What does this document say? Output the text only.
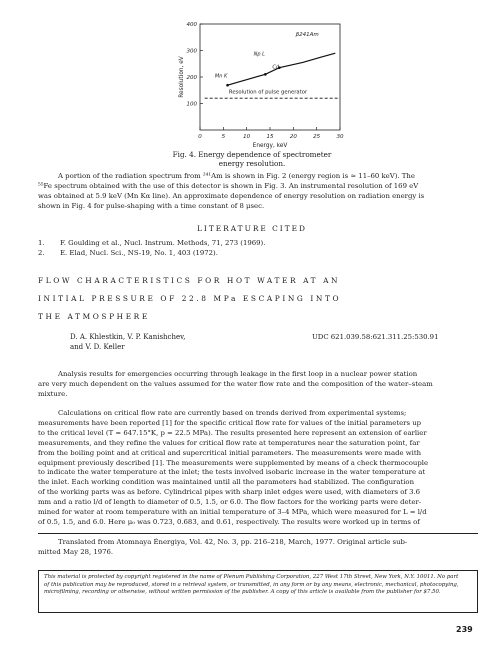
100
200
300
400
0	5	10	15	20	25	30
Energy, keV
Resolution, eV
β241Am
Np L
Cd
Mn K
Resolution of pulse generator
Fig. 4. Energy dependence of spectrometer
energy resolution.
A portion of the radiation spectrum from ²⁴¹Am is shown in Fig. 2 (energy region is ≈ 11–60 keV). The
⁵⁵Fe spectrum obtained with the use of this detector is shown in Fig. 3. An instrumental resolution of 169 eV
was obtained at 5.9 keV (Mn Kα line). An approximate dependence of energy resolution on radiation energy is
shown in Fig. 4 for pulse-shaping with a time constant of 8 μsec.
LITERATURE CITED
1. F. Goulding et al., Nucl. Instrum. Methods, 71, 273 (1969).
2. E. Elad, Nucl. Sci., NS-19, No. 1, 403 (1972).
FLOW CHARACTERISTICS FOR HOT WATER AT AN
INITIAL PRESSURE OF 22.8 MPa ESCAPING INTO
THE ATMOSPHERE
D. A. Khlestkin, V. P. Kanishchev,
and V. D. Keller
UDC 621.039.58:621.311.25:530.91
Analysis results for emergencies occurring through leakage in the first loop in a nuclear power station
are very much dependent on the values assumed for the water flow rate and the composition of the water–steam
mixture.
Calculations on critical flow rate are currently based on trends derived from experimental systems;
measurements have been reported [1] for the specific critical flow rate for values of the initial parameters up
to the critical level (T = 647.15°K, p = 22.5 MPa). The results presented here represent an extension of earlier
measurements, and they refine the values for critical flow rate at temperatures near the saturation point, far
from the boiling point and at critical and supercritical initial parameters. The measurements were made with
equipment previously described [1]. The measurements were supplemented by means of a check thermocouple
to indicate the water temperature at the inlet; the tests involved isobaric increase in the water temperature at
the inlet. Each working condition was maintained until all the parameters had stabilized. The configuration
of the working parts was as before. Cylindrical pipes with sharp inlet edges were used, with diameters of 3.6
mm and a ratio l/d of length to diameter of 0.5, 1.5, or 6.0. The flow factors for the working parts were deter-
mined for water at room temperature with an initial temperature of 3–4 MPa, which were measured for L = l/d
of 0.5, 1.5, and 6.0. Here μ₀ was 0.723, 0.683, and 0.61, respectively. The results were worked up in terms of
Translated from Atomnaya Énergiya, Vol. 42, No. 3, pp. 216–218, March, 1977. Original article sub-
mitted May 28, 1976.
This material is protected by copyright registered in the name of Plenum Publishing Corporation, 227 West 17th Street, New York, N.Y. 10011. No part
of this publication may be reproduced, stored in a retrieval system, or transmitted, in any form or by any means, electronic, mechanical, photocopying,
microfilming, recording or otherwise, without written permission of the publisher. A copy of this article is available from the publisher for $7.50.
239
